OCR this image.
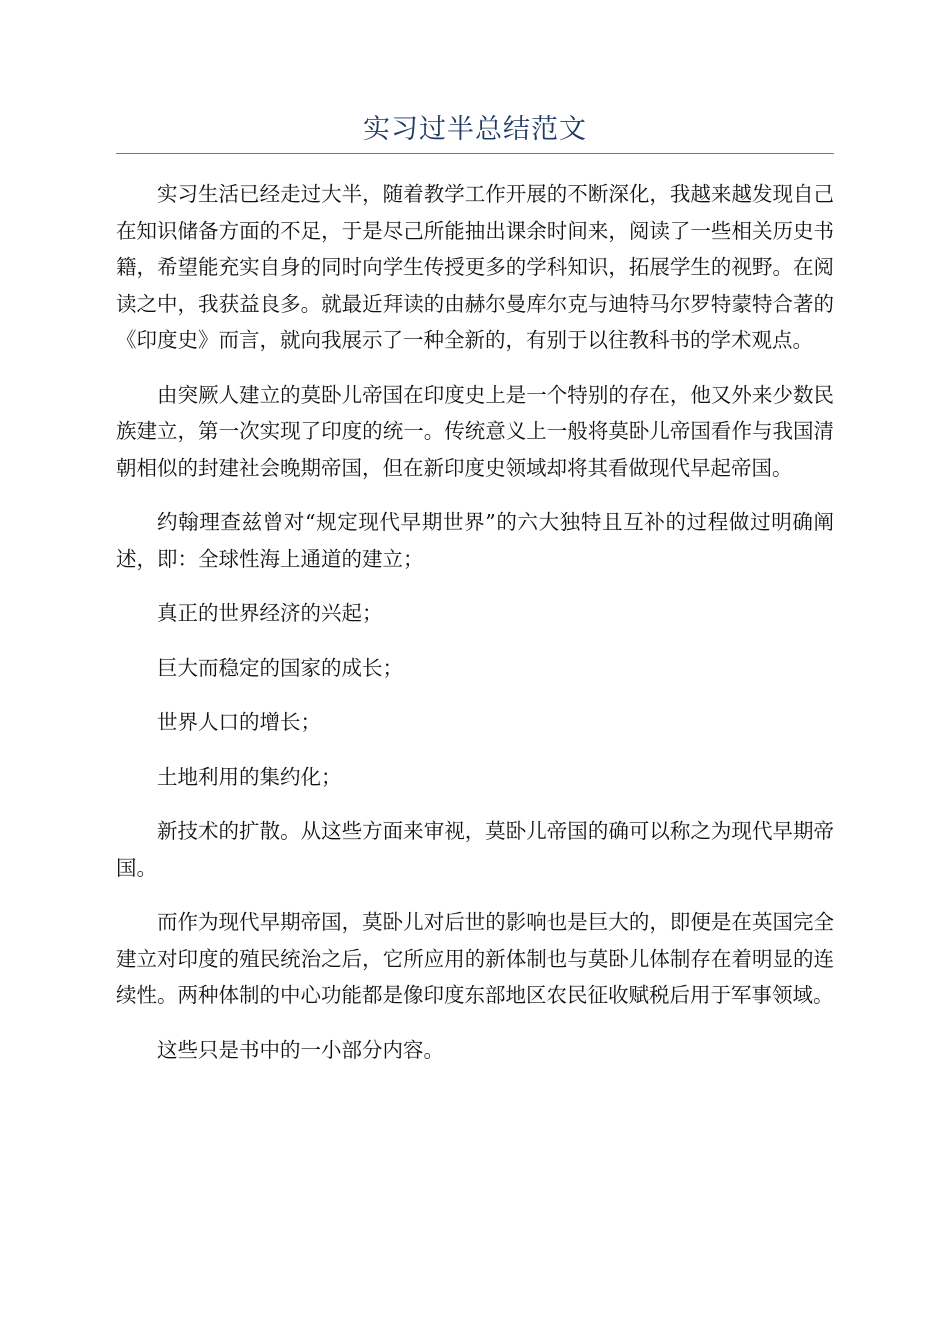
实习过半总结范文

实习生活已经走过大半，随着教学工作开展的不断深化，我越来越发现自己在知识储备方面的不足，于是尽己所能抽出课余时间来，阅读了一些相关历史书籍，希望能充实自身的同时向学生传授更多的学科知识，拓展学生的视野。在阅读之中，我获益良多。就最近拜读的由赫尔曼库尔克与迪特马尔罗特蒙特合著的《印度史》而言，就向我展示了一种全新的，有别于以往教科书的学术观点。

由突厥人建立的莫卧儿帝国在印度史上是一个特别的存在，他又外来少数民族建立，第一次实现了印度的统一。传统意义上一般将莫卧儿帝国看作与我国清朝相似的封建社会晚期帝国，但在新印度史领域却将其看做现代早起帝国。

约翰理查兹曾对“规定现代早期世界”的六大独特且互补的过程做过明确阐述，即：全球性海上通道的建立；

真正的世界经济的兴起；

巨大而稳定的国家的成长；

世界人口的增长；

土地利用的集约化；

新技术的扩散。从这些方面来审视，莫卧儿帝国的确可以称之为现代早期帝国。

而作为现代早期帝国，莫卧儿对后世的影响也是巨大的，即便是在英国完全建立对印度的殖民统治之后，它所应用的新体制也与莫卧儿体制存在着明显的连续性。两种体制的中心功能都是像印度东部地区农民征收赋税后用于军事领域。

这些只是书中的一小部分内容。
